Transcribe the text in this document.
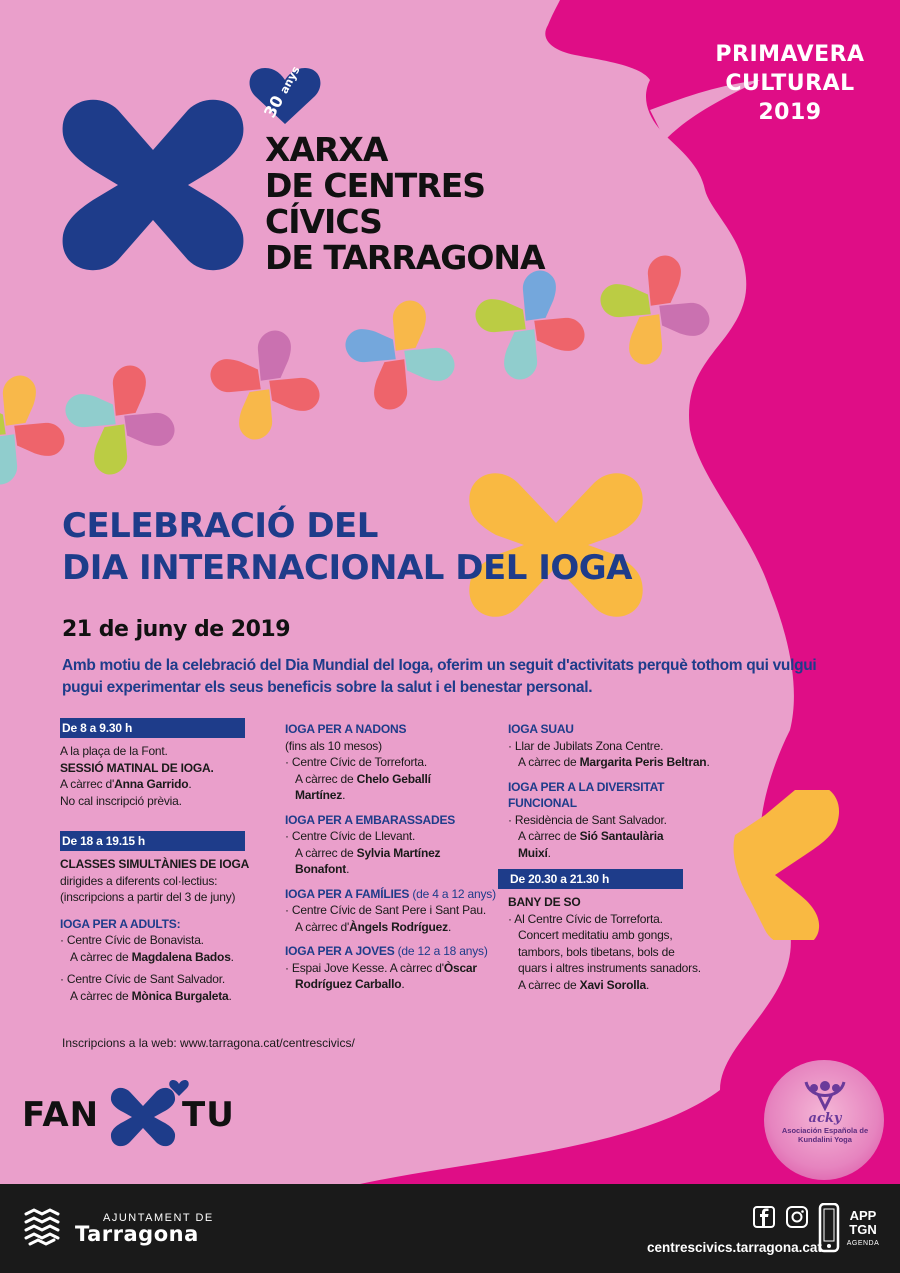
30 anys
XARXA
DE CENTRES
CÍVICS
DE TARRAGONA
PRIMAVERA
CULTURAL
2019
CELEBRACIÓ DEL
DIA INTERNACIONAL DEL IOGA
21 de juny de 2019
Amb motiu de la celebració del Dia Mundial del Ioga, oferim un seguit d'activitats perquè tothom qui vulgui pugui experimentar els seus beneficis sobre la salut i el benestar personal.
De 8 a 9.30 h
A la plaça de la Font.
SESSIÓ MATINAL DE IOGA.
A càrrec d'Anna Garrido.
No cal inscripció prèvia.
De 18 a 19.15 h
CLASSES SIMULTÀNIES DE IOGA
dirigides a diferents col·lectius:
(inscripcions a partir del 3 de juny)
IOGA PER A ADULTS:
· Centre Cívic de Bonavista.
A càrrec de Magdalena Bados.
· Centre Cívic de Sant Salvador.
A càrrec de Mònica Burgaleta.
IOGA PER A NADONS
(fins als 10 mesos)
· Centre Cívic de Torreforta.
A càrrec de Chelo Geballí
Martínez.
IOGA PER A EMBARASSADES
· Centre Cívic de Llevant.
A càrrec de Sylvia Martínez
Bonafont.
IOGA PER A FAMÍLIES (de 4 a 12 anys)
· Centre Cívic de Sant Pere i Sant Pau.
A càrrec d'Àngels Rodríguez.
IOGA PER A JOVES (de 12 a 18 anys)
· Espai Jove Kesse. A càrrec d'Òscar
Rodríguez Carballo.
IOGA SUAU
· Llar de Jubilats Zona Centre.
A càrrec de Margarita Peris Beltran.
IOGA PER A LA DIVERSITAT
FUNCIONAL
· Residència de Sant Salvador.
A càrrec de Sió Santaulària
Muixí.
De 20.30 a 21.30 h
BANY DE SO
· Al Centre Cívic de Torreforta.
Concert meditatiu amb gongs,
tambors, bols tibetans, bols de
quars i altres instruments sanadors.
A càrrec de Xavi Sorolla.
Inscripcions a la web: www.tarragona.cat/centrescivics/
FAN TU	acky
Asociación Española de
Kundalini Yoga
AJUNTAMENT DE
Tarragona
APP
TGN
AGENDA
centrescivics.tarragona.cat
